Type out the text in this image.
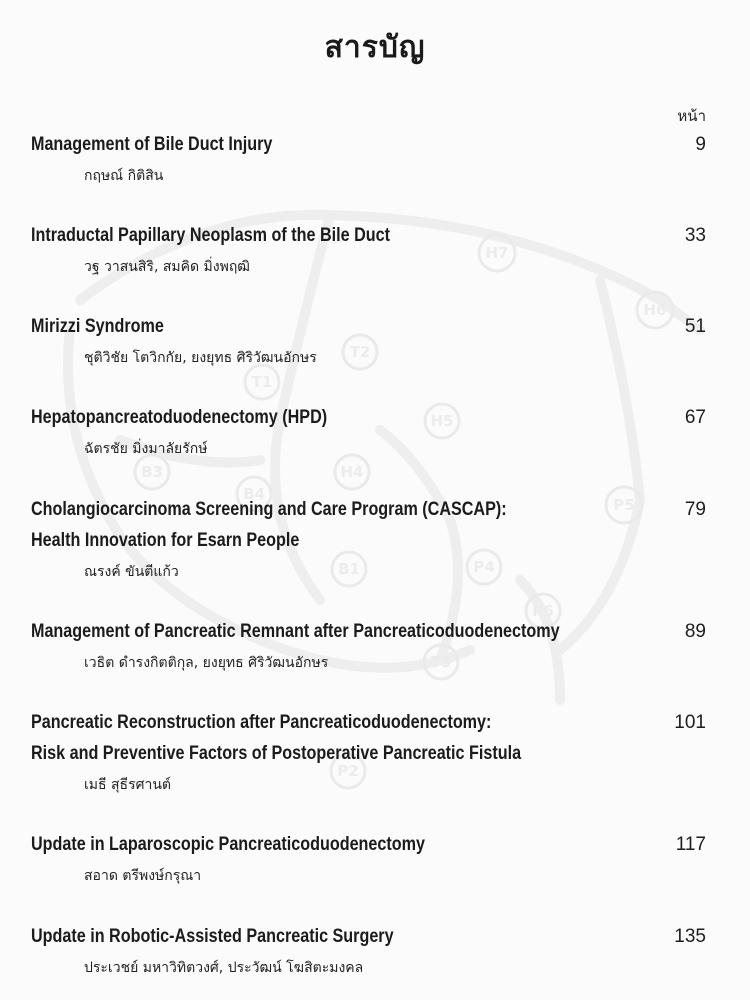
H7
H6
T2
T1
H5
H4
B3
B4
P5
B1	P4
P6
T3
P2
สารบัญ
หน้า
Management of Bile Duct Injury
กฤษณ์ กิติสิน
9
Intraductal Papillary Neoplasm of the Bile Duct
วฐ วาสนสิริ, สมคิด มิ่งพฤฒิ
33
Mirizzi Syndrome
ชุติวิชัย โตวิกกัย, ยงยุทธ ศิริวัฒนอักษร
51
Hepatopancreatoduodenectomy (HPD)
ฉัตรชัย มิ่งมาลัยรักษ์
67
Cholangiocarcinoma Screening and Care Program (CASCAP):
Health Innovation for Esarn People
ณรงค์ ขันตีแก้ว
79
Management of Pancreatic Remnant after Pancreaticoduodenectomy
เวธิต ดำรงกิตติกุล, ยงยุทธ ศิริวัฒนอักษร
89
Pancreatic Reconstruction after Pancreaticoduodenectomy:
Risk and Preventive Factors of Postoperative Pancreatic Fistula
เมธี สุธีรศานต์
101
Update in Laparoscopic Pancreaticoduodenectomy
สอาด ตรีพงษ์กรุณา
117
Update in Robotic-Assisted Pancreatic Surgery
ประเวชย์ มหาวิทิตวงศ์, ประวัฒน์ โฆสิตะมงคล
135
